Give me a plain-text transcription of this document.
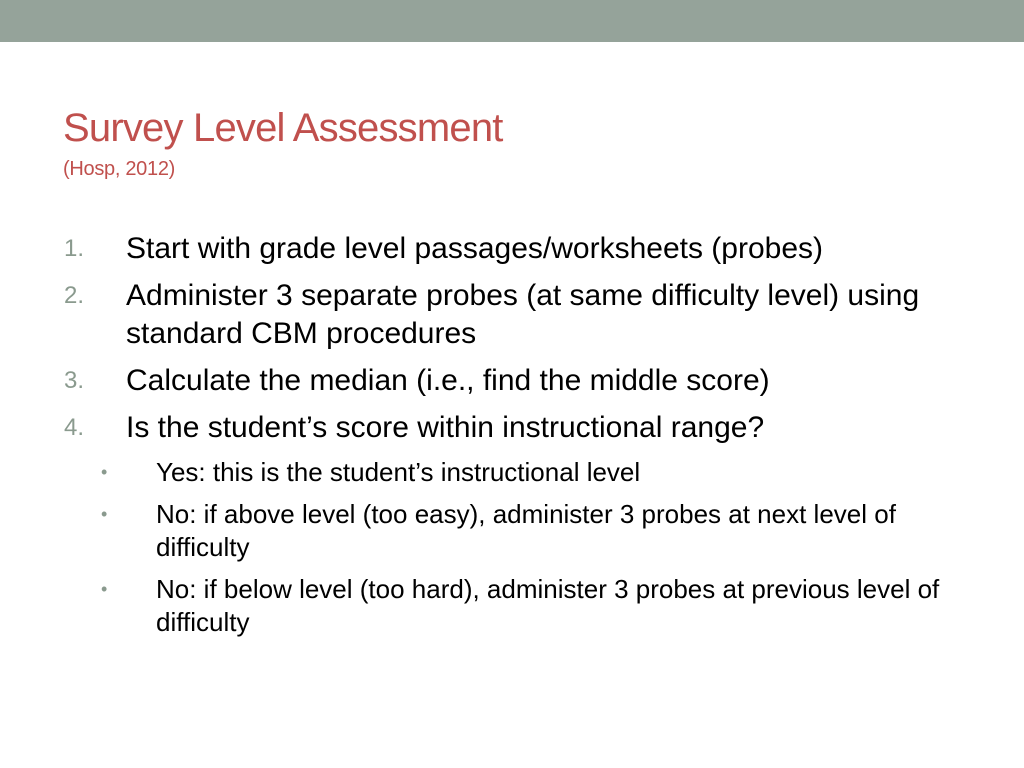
Survey Level Assessment
(Hosp, 2012)
1. Start with grade level passages/worksheets (probes)
2. Administer 3 separate probes (at same difficulty level) using standard CBM procedures
3. Calculate the median (i.e., find the middle score)
4. Is the student’s score within instructional range?
• Yes: this is the student’s instructional level
• No: if above level (too easy), administer 3 probes at next level of difficulty
• No: if below level (too hard), administer 3 probes at previous level of difficulty
